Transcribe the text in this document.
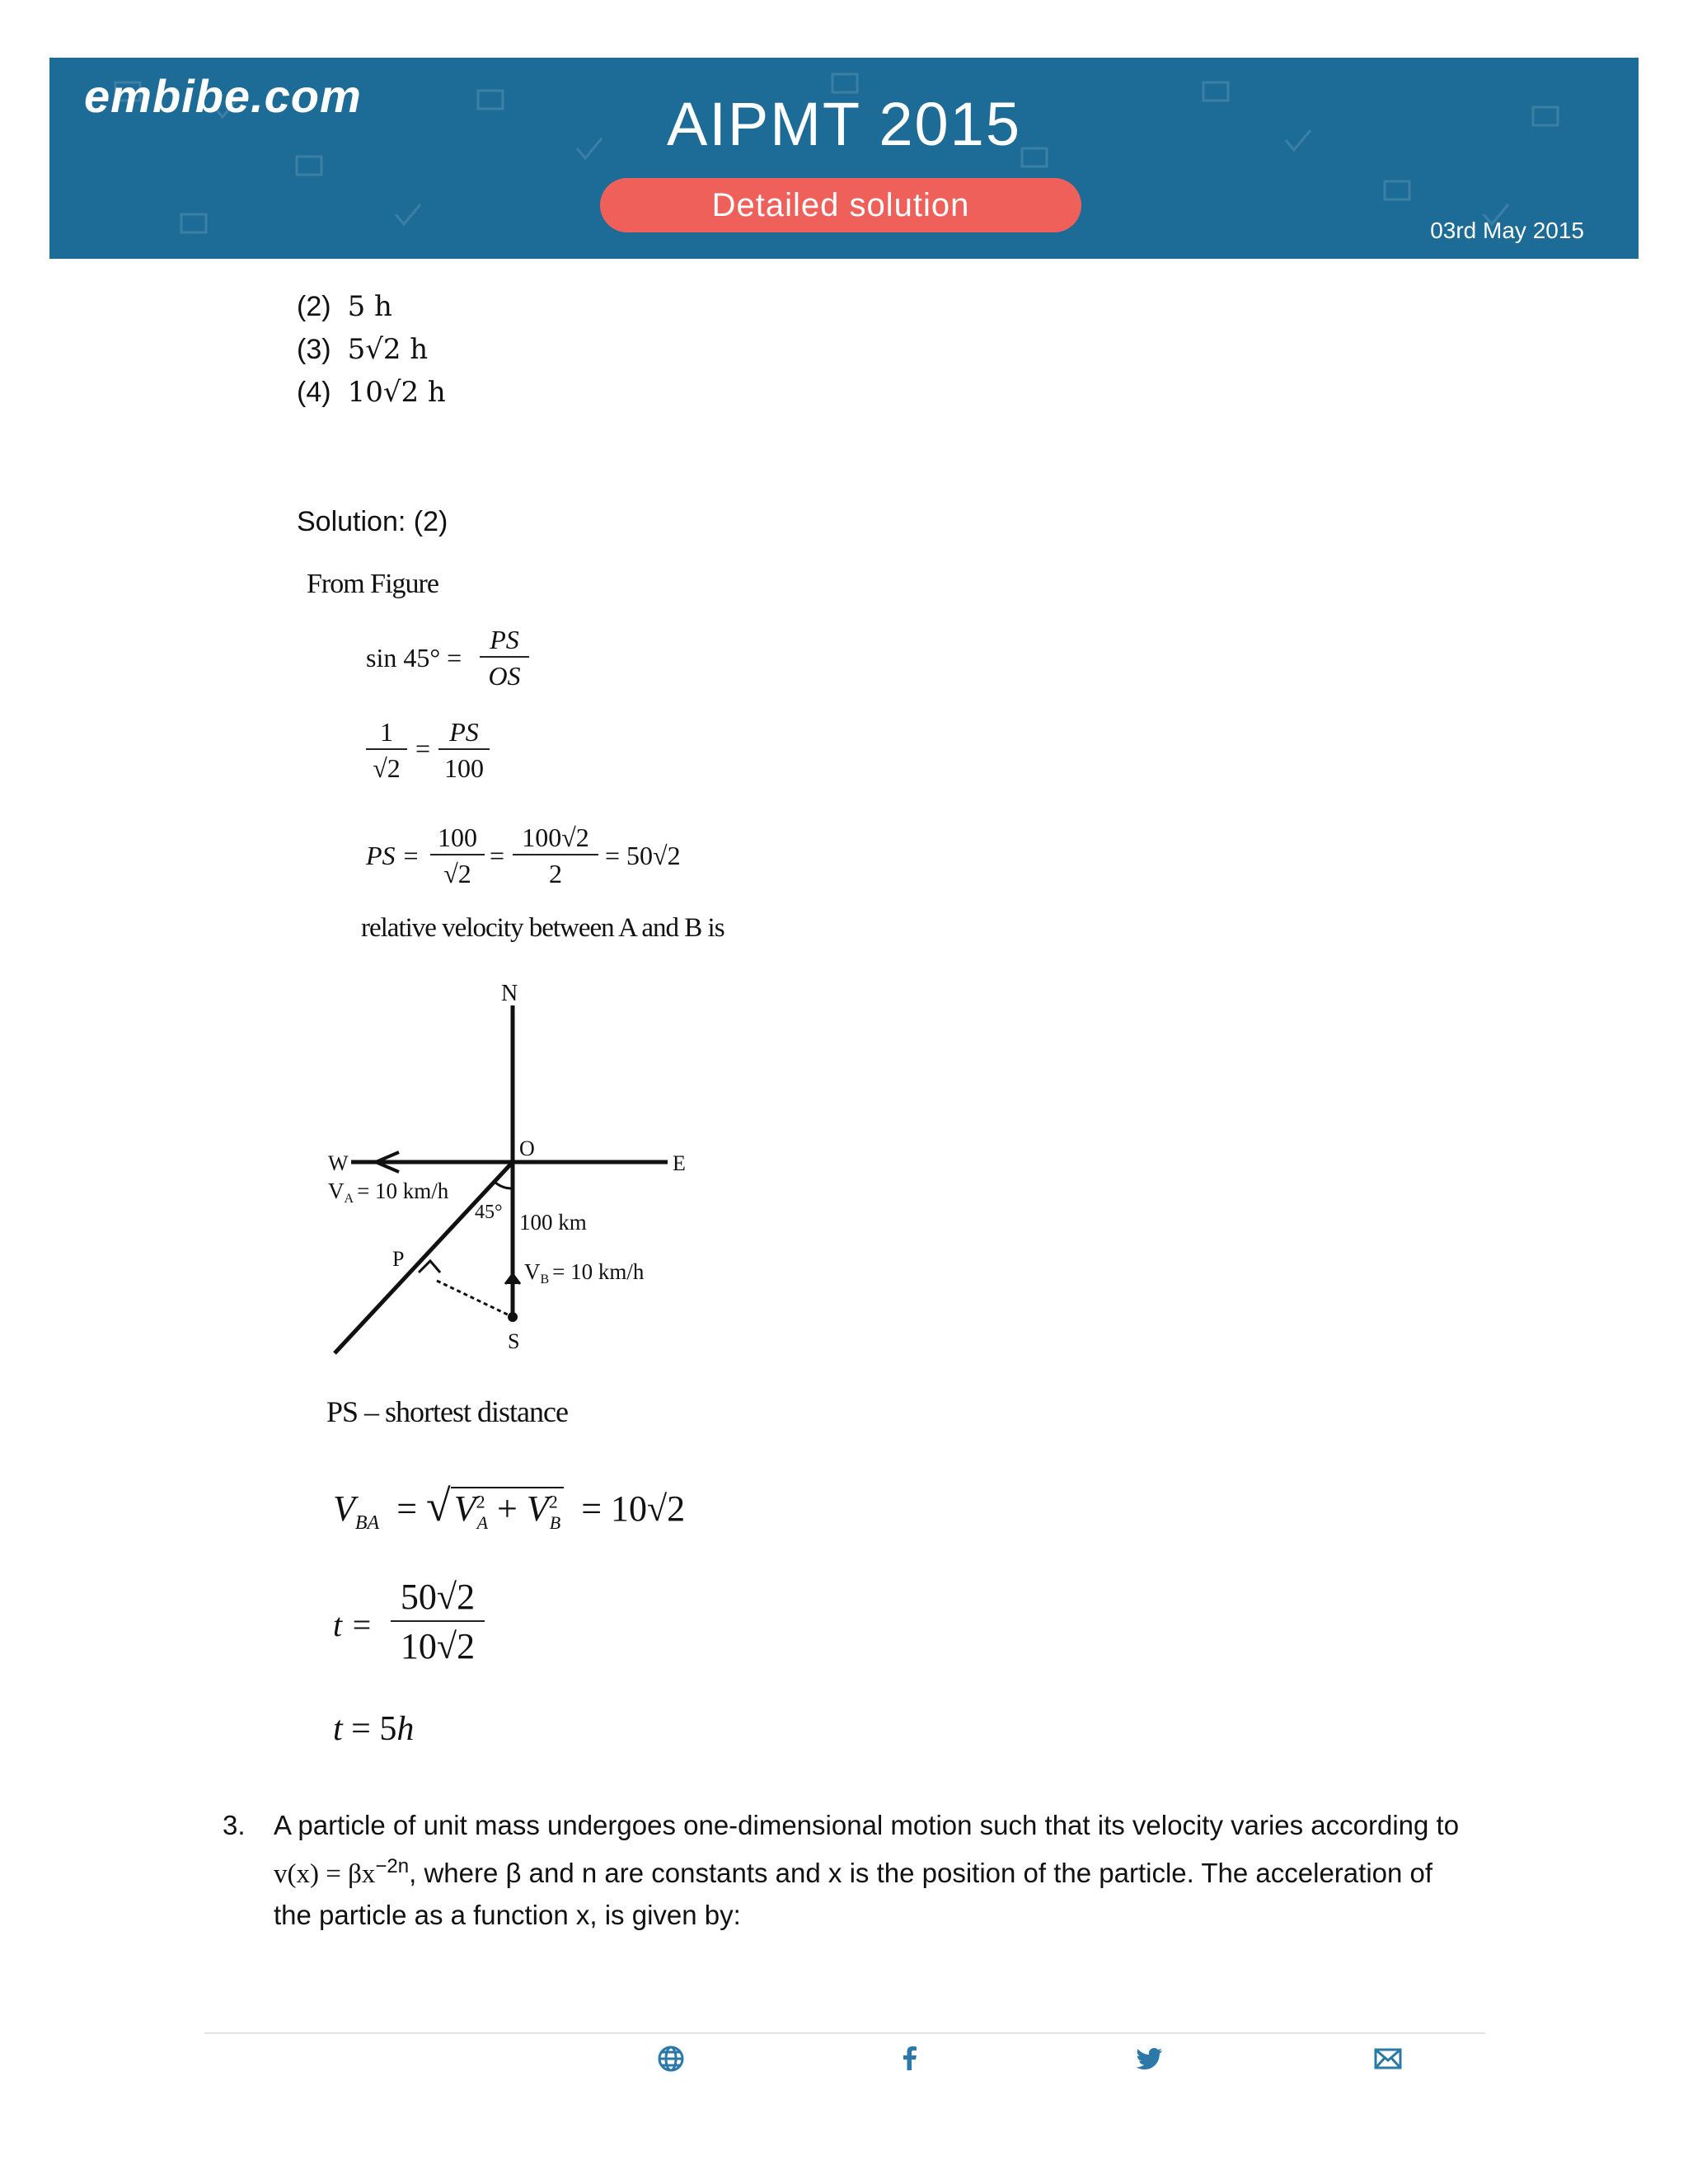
embibe.com	AIPMT 2015
Detailed solution
03rd May 2015
(2) 5 h
(3) 5√2 h
(4) 10√2 h
Solution: (2)
From Figure
$\sin 45^\circ = \frac{PS}{OS}$
$\frac{1}{√2} = \frac{PS}{100}$
PS = $\frac{100}{√2} = \frac{100√2}{2} = 50√2$
relative velocity between A and B is
N
S
E
W
O
P
45° 100 km
VA = 10 km/h
VB = 10 km/h
PS – shortest distance
$V_{BA} = √V^2_A + V^2_B = 10√2$
$t = \frac{50√2}{10√2}$
t = 5h
3. A particle of unit mass undergoes one-dimensional motion such that its velocity varies according to
$v(x) = \beta x^{-2n}$, where β and n are constants and x is the position of the particle. The acceleration of
the particle as a function x, is given by:
